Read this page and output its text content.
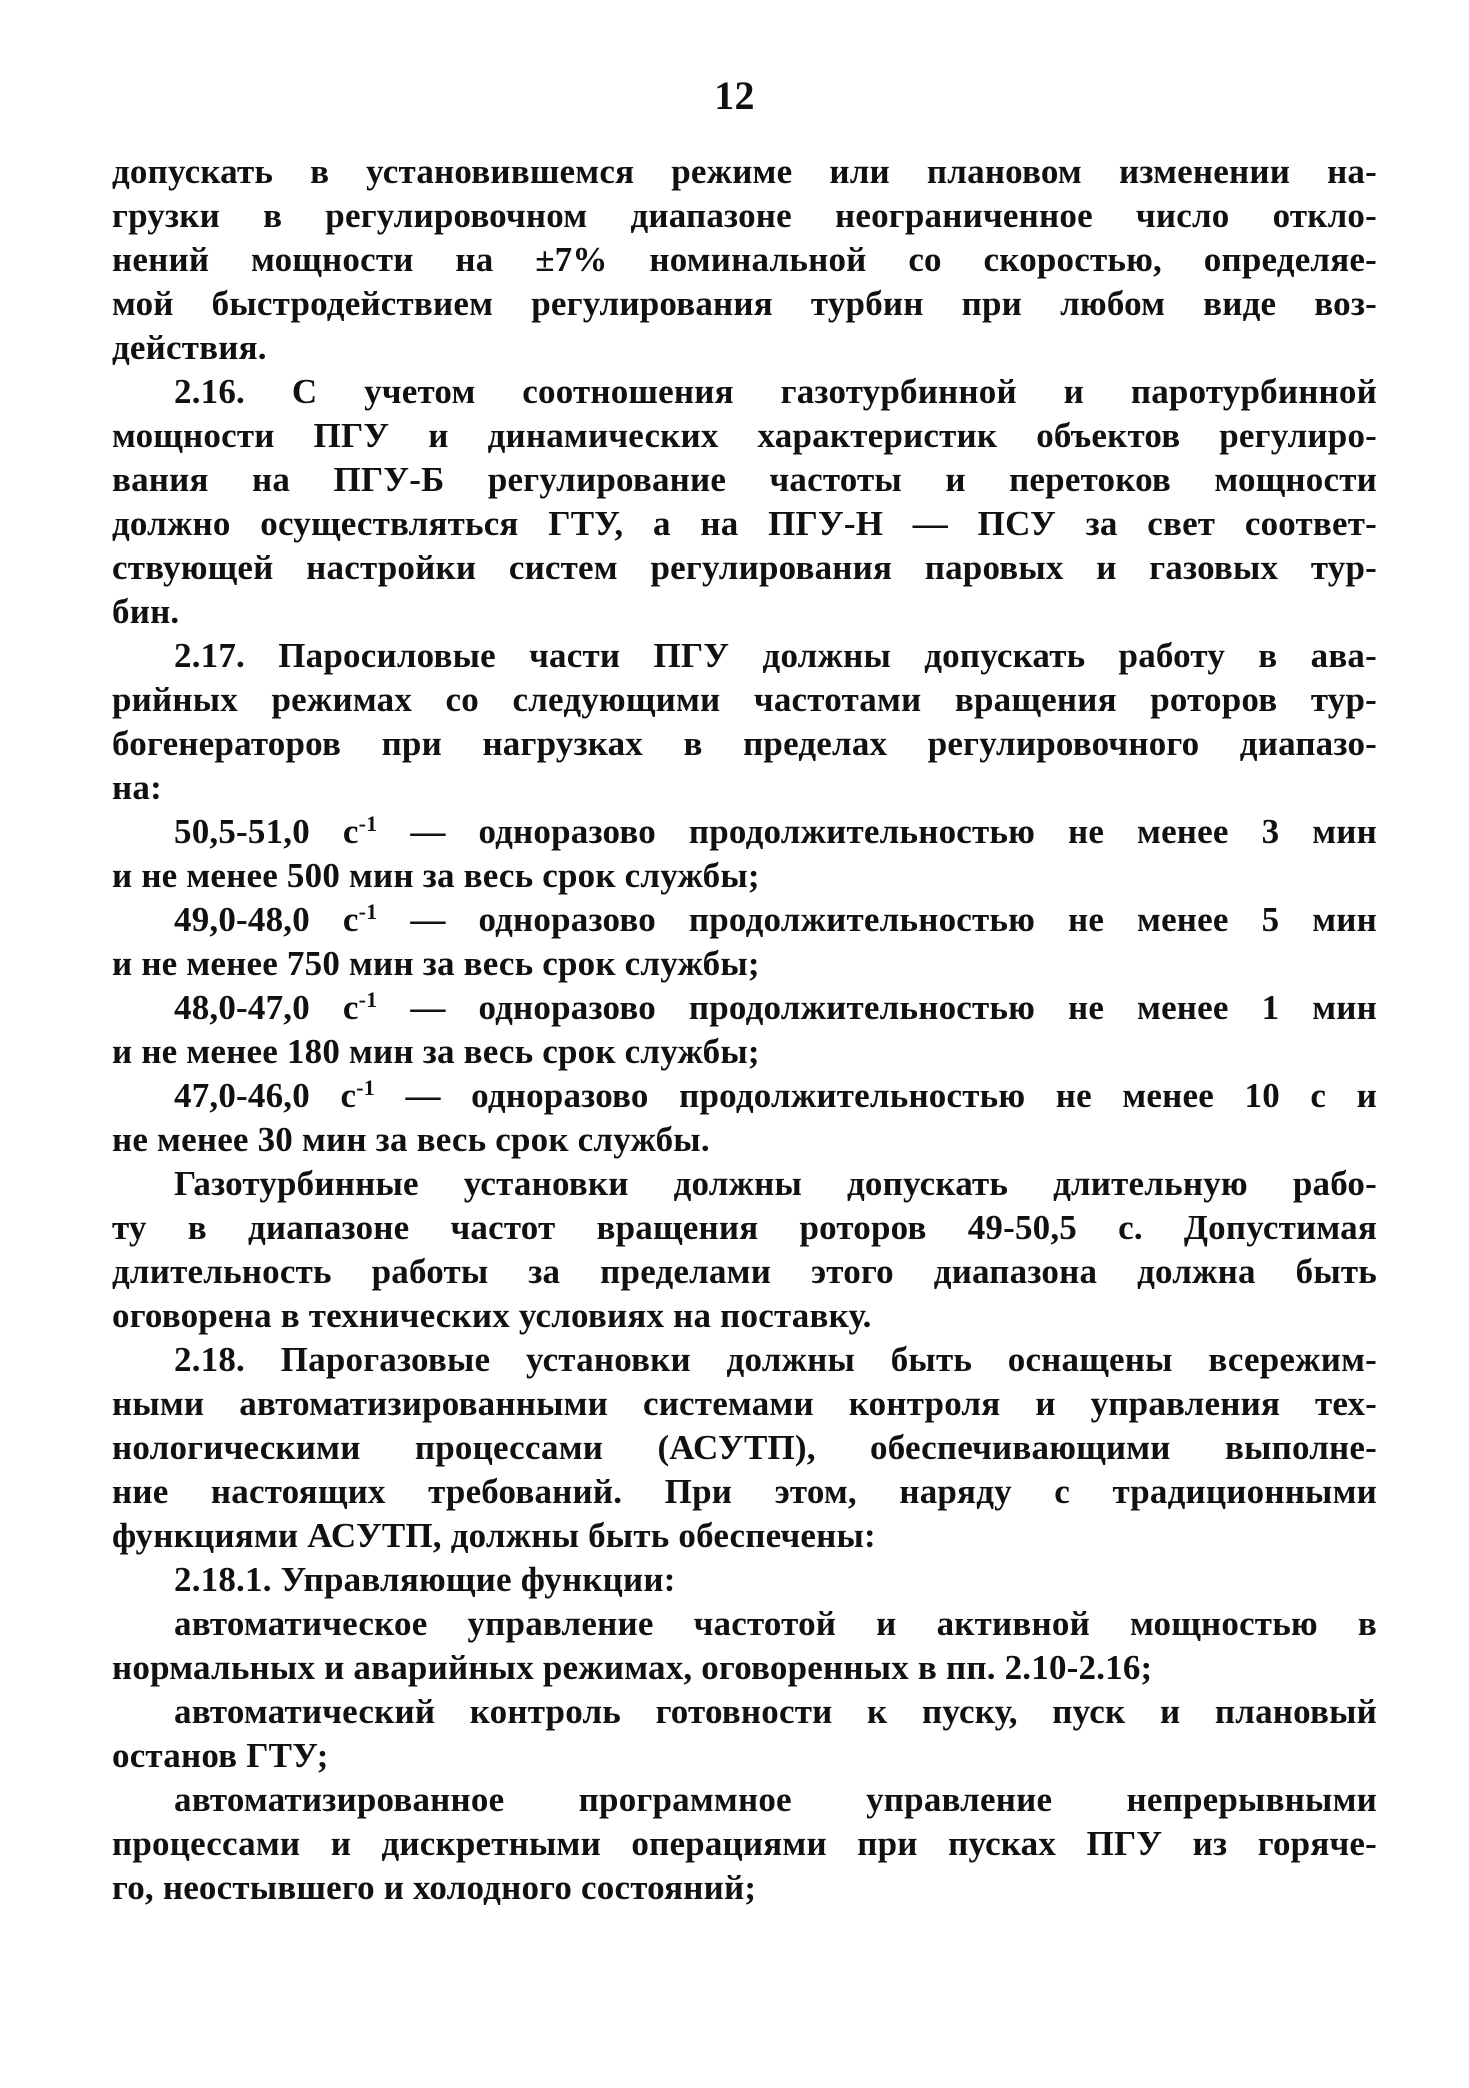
12
допускать в установившемся режиме или плановом изменении на-
грузки в регулировочном диапазоне неограниченное число откло-
нений мощности на ±7% номинальной со скоростью, определяе-
мой быстродействием регулирования турбин при любом виде воз-
действия.
2.16. С учетом соотношения газотурбинной и паротурбинной
мощности ПГУ и динамических характеристик объектов регулиро-
вания на ПГУ-Б регулирование частоты и перетоков мощности
должно осуществляться ГТУ, а на ПГУ-Н — ПСУ за свет соответ-
ствующей настройки систем регулирования паровых и газовых тур-
бин.
2.17. Паросиловые части ПГУ должны допускать работу в ава-
рийных режимах со следующими частотами вращения роторов тур-
богенераторов при нагрузках в пределах регулировочного диапазо-
на:
50,5-51,0 $с^{-1}$ — одноразово продолжительностью не менее 3 мин
и не менее 500 мин за весь срок службы;
49,0-48,0 $с^{-1}$ — одноразово продолжительностью не менее 5 мин
и не менее 750 мин за весь срок службы;
48,0-47,0 $с^{-1}$ — одноразово продолжительностью не менее 1 мин
и не менее 180 мин за весь срок службы;
47,0-46,0 $с^{-1}$ — одноразово продолжительностью не менее 10 с и
не менее 30 мин за весь срок службы.
Газотурбинные установки должны допускать длительную рабо-
ту в диапазоне частот вращения роторов 49-50,5 с. Допустимая
длительность работы за пределами этого диапазона должна быть
оговорена в технических условиях на поставку.
2.18. Парогазовые установки должны быть оснащены всережим-
ными автоматизированными системами контроля и управления тех-
нологическими процессами (АСУТП), обеспечивающими выполне-
ние настоящих требований. При этом, наряду с традиционными
функциями АСУТП, должны быть обеспечены:
2.18.1. Управляющие функции:
автоматическое управление частотой и активной мощностью в
нормальных и аварийных режимах, оговоренных в пп. 2.10-2.16;
автоматический контроль готовности к пуску, пуск и плановый
останов ГТУ;
автоматизированное программное управление непрерывными
процессами и дискретными операциями при пусках ПГУ из горяче-
го, неостывшего и холодного состояний;
